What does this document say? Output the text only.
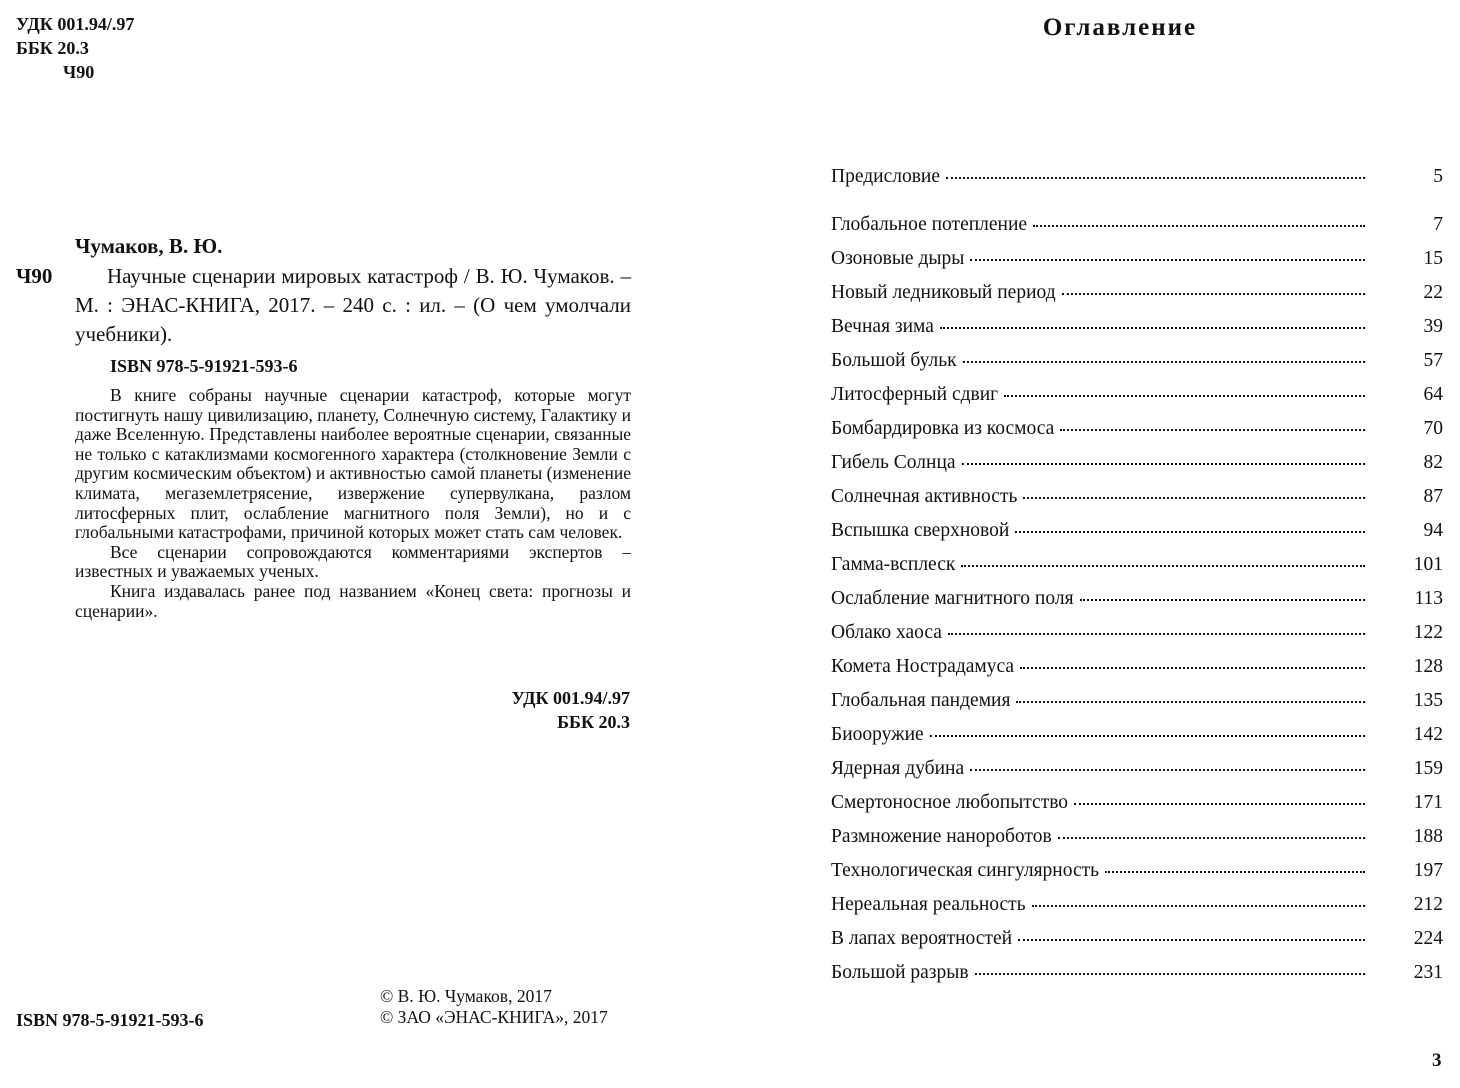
УДК 001.94/.97
ББК 20.3
Ч90
Чумаков, В. Ю.
Ч90	Научные сценарии мировых катастроф / В. Ю. Чумаков. – М. : ЭНАС-КНИГА, 2017. – 240 с. : ил. – (О чем умолчали учебники).
ISBN 978-5-91921-593-6

В книге собраны научные сценарии катастроф, которые могут постигнуть нашу цивилизацию, планету, Солнечную систему, Галактику и даже Вселенную. Представлены наиболее вероятные сценарии, связанные не только с катаклизмами космогенного характера (столкновение Земли с другим космическим объектом) и активностью самой планеты (изменение климата, мегаземлетрясение, извержение супервулкана, разлом литосферных плит, ослабление магнитного поля Земли), но и с глобальными катастрофами, причиной которых может стать сам человек.

Все сценарии сопровождаются комментариями экспертов – известных и уважаемых ученых.

Книга издавалась ранее под названием «Конец света: прогнозы и сценарии».

УДК 001.94/.97
ББК 20.3
© В. Ю. Чумаков, 2017
© ЗАО «ЭНАС-КНИГА», 2017
ISBN 978-5-91921-593-6
Оглавление
Предисловие	5
Глобальное потепление	7
Озоновые дыры	15
Новый ледниковый период	22
Вечная зима	39
Большой бульк	57
Литосферный сдвиг	64
Бомбардировка из космоса	70
Гибель Солнца	82
Солнечная активность	87
Вспышка сверхновой	94
Гамма-всплеск	101
Ослабление магнитного поля	113
Облако хаоса	122
Комета Нострадамуса	128
Глобальная пандемия	135
Биооружие	142
Ядерная дубина	159
Смертоносное любопытство	171
Размножение нанороботов	188
Технологическая сингулярность	197
Нереальная реальность	212
В лапах вероятностей	224
Большой разрыв	231
3
